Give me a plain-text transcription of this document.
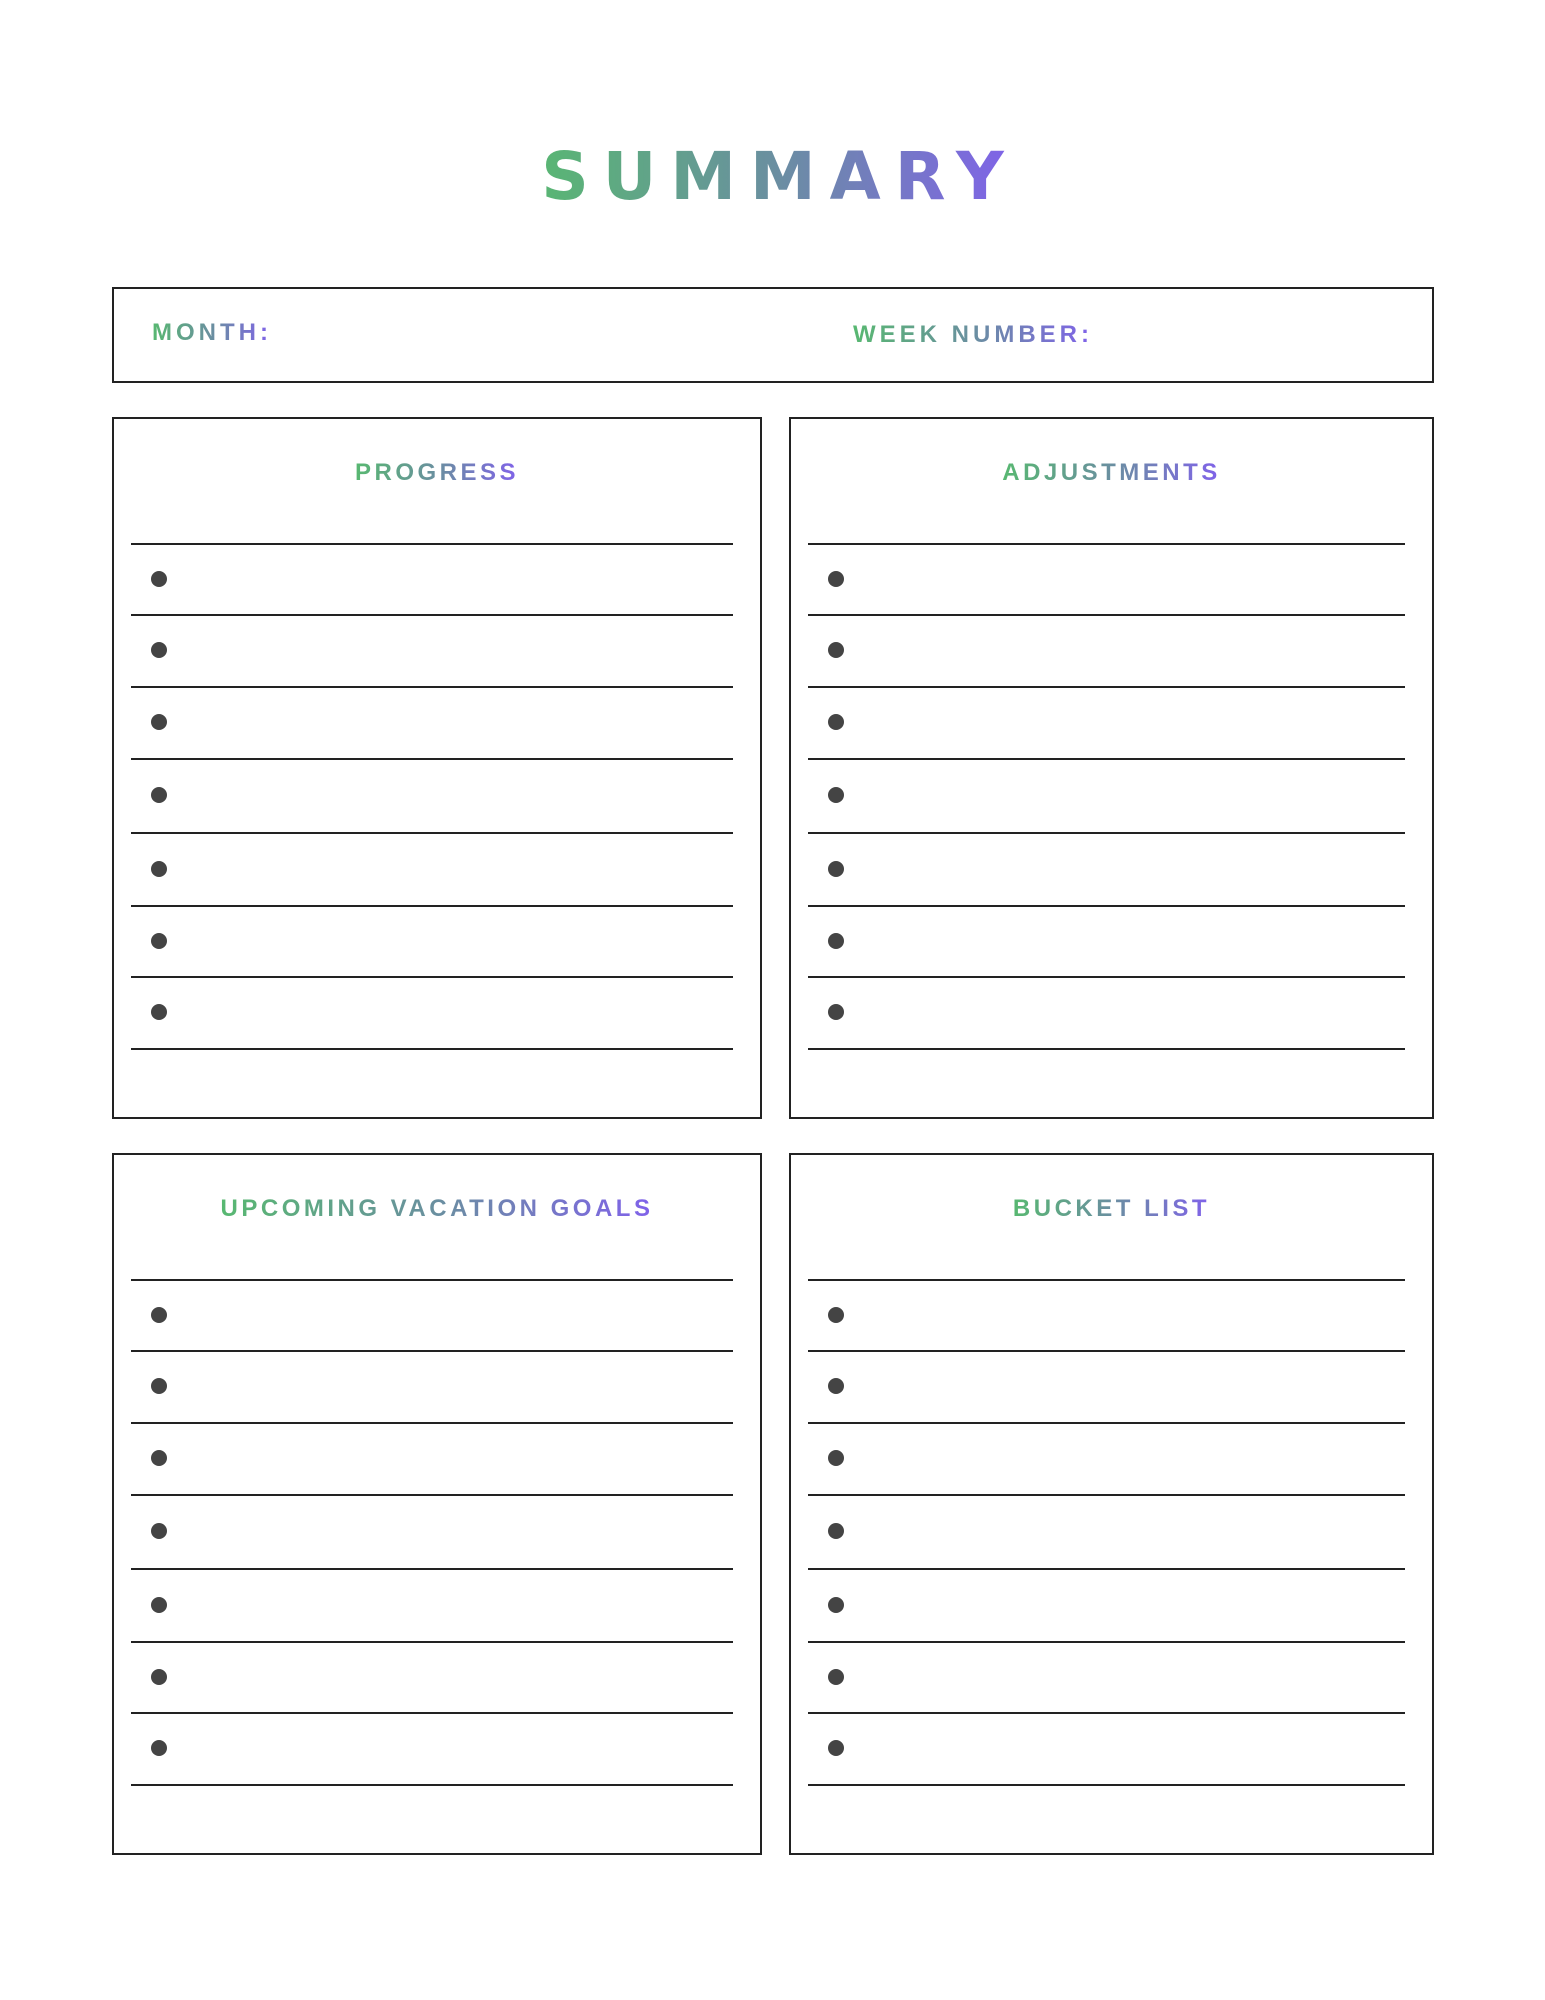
SUMMARY
MONTH:	WEEK NUMBER:
PROGRESS	ADJUSTMENTS
UPCOMING VACATION GOALS	BUCKET LIST
